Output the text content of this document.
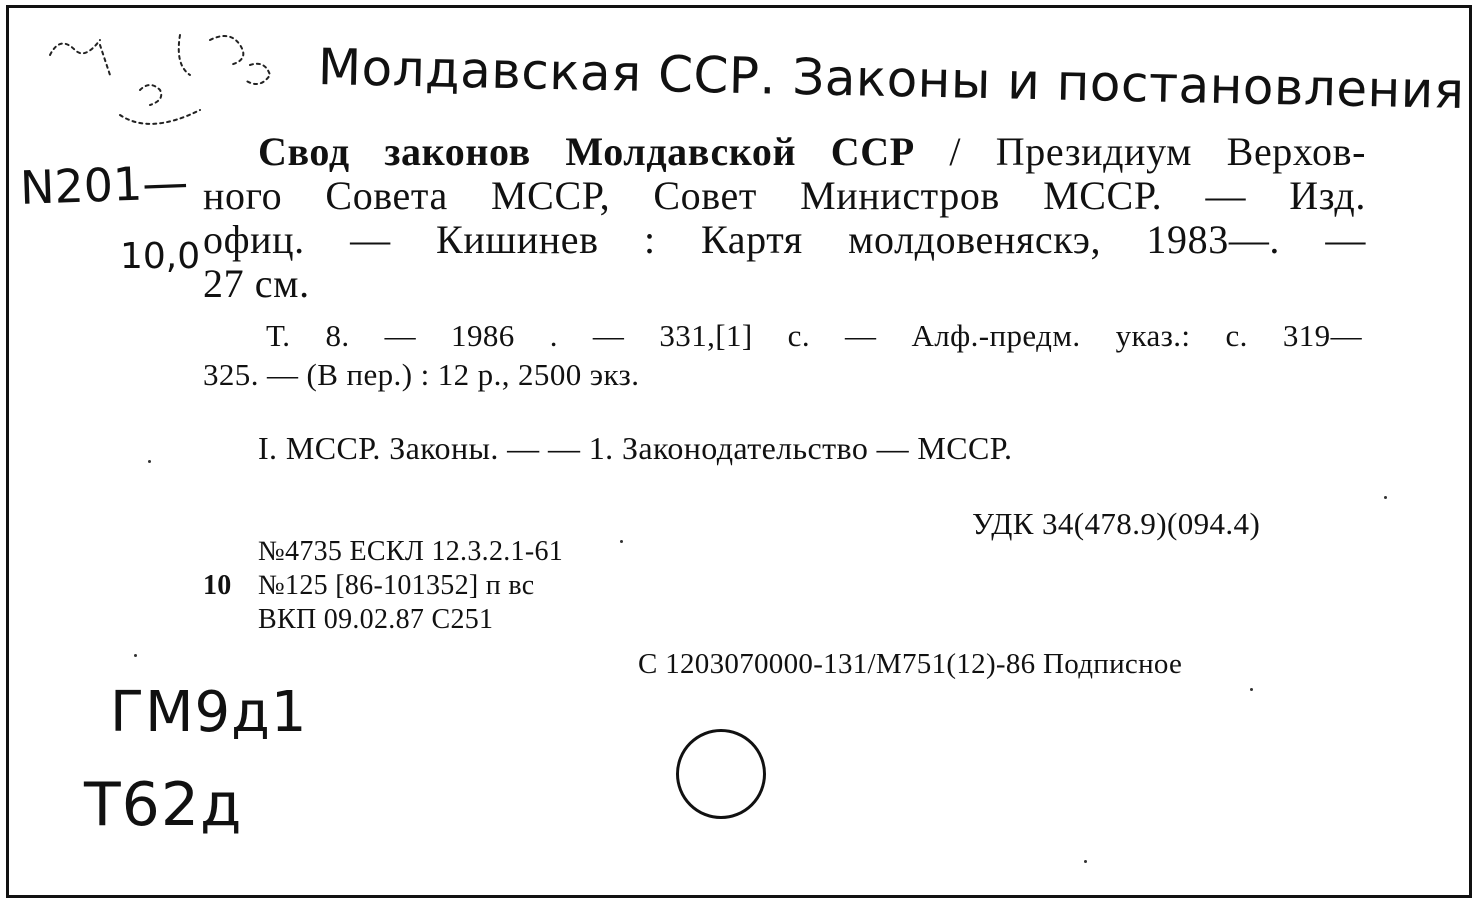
Молдавская ССР. Законы и постановления
N201—
10,0
ГМ9д1
Т62д
Свод законов Молдавской ССР / Президиум Верхов-
ного Совета МССР, Совет Министров МССР. — Изд.
офиц. — Кишинев : Картя молдовеняскэ, 1983—. —
27 см.
Т. 8. — 1986 . — 331,[1] с. — Алф.-предм. указ.: с. 319—
325. — (В пер.) : 12 р., 2500 экз.
I. МССР. Законы. — — 1. Законодательство — МССР.
УДК 34(478.9)(094.4)
№4735 ЕСКЛ 12.3.2.1-61
10 №125 [86-101352] п вс
ВКП 09.02.87 С251
С 1203070000-131/М751(12)-86 Подписное
